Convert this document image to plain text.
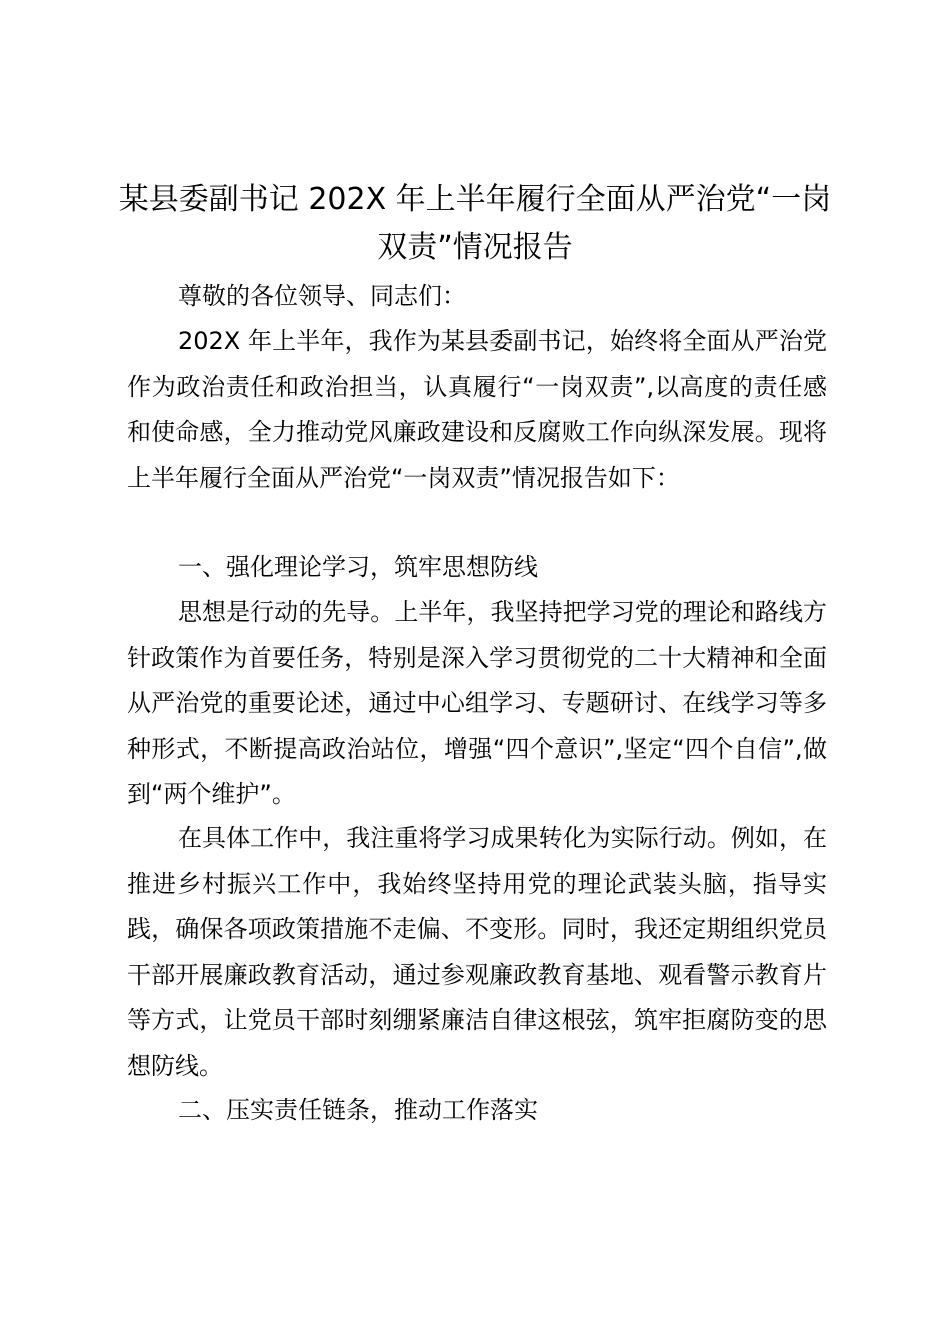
某县委副书记 202X 年上半年履行全面从严治党“一岗双责”情况报告

尊敬的各位领导、同志们：

202X 年上半年，我作为某县委副书记，始终将全面从严治党作为政治责任和政治担当，认真履行“一岗双责”,以高度的责任感和使命感，全力推动党风廉政建设和反腐败工作向纵深发展。现将上半年履行全面从严治党“一岗双责”情况报告如下：

一、强化理论学习，筑牢思想防线

思想是行动的先导。上半年，我坚持把学习党的理论和路线方针政策作为首要任务，特别是深入学习贯彻党的二十大精神和全面从严治党的重要论述，通过中心组学习、专题研讨、在线学习等多种形式，不断提高政治站位，增强“四个意识”,坚定“四个自信”,做到“两个维护”。

在具体工作中，我注重将学习成果转化为实际行动。例如，在推进乡村振兴工作中，我始终坚持用党的理论武装头脑，指导实践，确保各项政策措施不走偏、不变形。同时，我还定期组织党员干部开展廉政教育活动，通过参观廉政教育基地、观看警示教育片等方式，让党员干部时刻绷紧廉洁自律这根弦，筑牢拒腐防变的思想防线。

二、压实责任链条，推动工作落实
